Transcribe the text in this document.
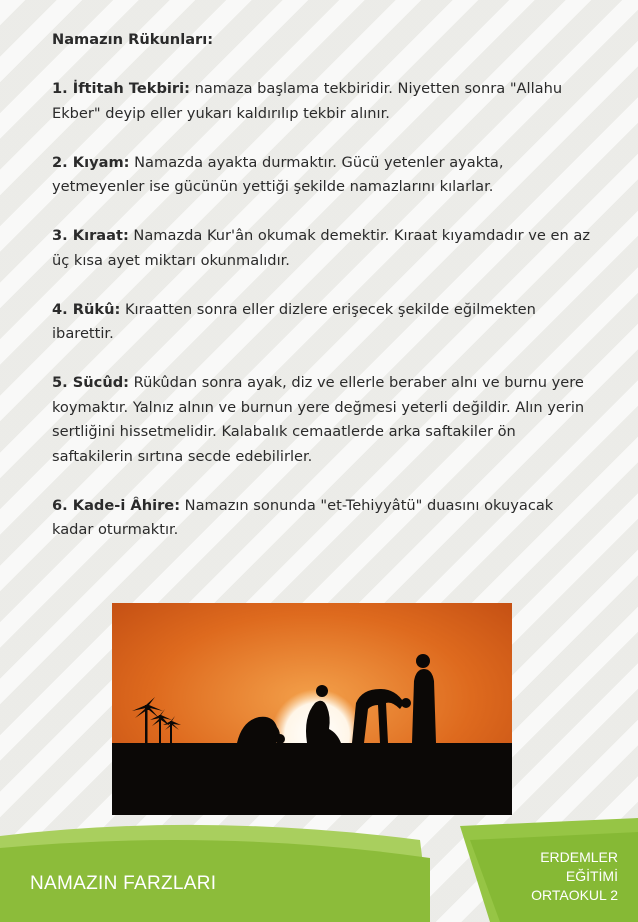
Namazın Rükunları:

1. İftitah Tekbiri: namaza başlama tekbiridir. Niyetten sonra "Allahu Ekber" deyip eller yukarı kaldırılıp tekbir alınır.

2. Kıyam: Namazda ayakta durmaktır. Gücü yetenler ayakta, yetmeyenler ise gücünün yettiği şekilde namazlarını kılarlar.

3. Kıraat: Namazda Kur'ân okumak demektir. Kıraat kıyamdadır ve en az üç kısa ayet miktarı okunmalıdır.

4. Rükû: Kıraatten sonra eller dizlere erişecek şekilde eğilmekten ibarettir.

5. Sücûd: Rükûdan sonra ayak, diz ve ellerle beraber alnı ve burnu yere koymaktır. Yalnız alnın ve burnun yere değmesi yeterli değildir. Alın yerin sertliğini hissetmelidir. Kalabalık cemaatlerde arka saftakiler ön saftakilerin sırtına secde edebilirler.

6. Kade-i Âhire: Namazın sonunda "et-Tehiyyâtü" duasını okuyacak kadar oturmaktır.

NAMAZIN FARZLARI
ERDEMLER
EĞİTİMİ
ORTAOKUL 2
